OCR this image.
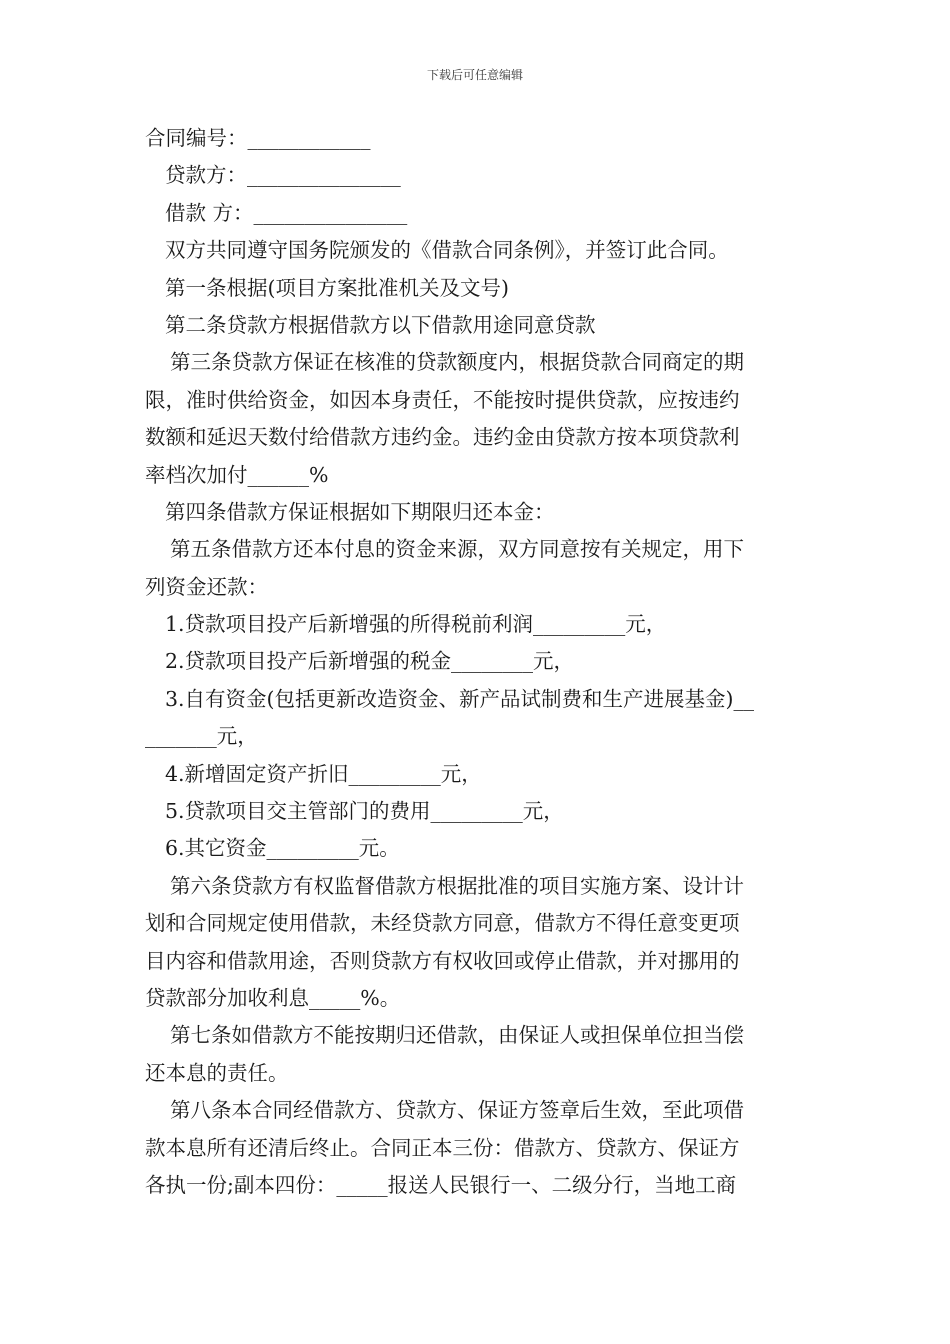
下载后可任意编辑
合同编号：____________
贷款方：_______________
借款 方：_______________
双方共同遵守国务院颁发的《借款合同条例》，并签订此合同。
第一条根据(项目方案批准机关及文号)
第二条贷款方根据借款方以下借款用途同意贷款
第三条贷款方保证在核准的贷款额度内，根据贷款合同商定的期
限，准时供给资金，如因本身责任，不能按时提供贷款，应按违约
数额和延迟天数付给借款方违约金。违约金由贷款方按本项贷款利
率档次加付______%
第四条借款方保证根据如下期限归还本金：
第五条借款方还本付息的资金来源，双方同意按有关规定，用下
列资金还款：
1.贷款项目投产后新增强的所得税前利润_________元，
2.贷款项目投产后新增强的税金________元，
3.自有资金(包括更新改造资金、新产品试制费和生产进展基金)__
_______元，
4.新增固定资产折旧_________元，
5.贷款项目交主管部门的费用_________元，
6.其它资金_________元。
第六条贷款方有权监督借款方根据批准的项目实施方案、设计计
划和合同规定使用借款，未经贷款方同意，借款方不得任意变更项
目内容和借款用途，否则贷款方有权收回或停止借款，并对挪用的
贷款部分加收利息_____%。
第七条如借款方不能按期归还借款，由保证人或担保单位担当偿
还本息的责任。
第八条本合同经借款方、贷款方、保证方签章后生效，至此项借
款本息所有还清后终止。合同正本三份：借款方、贷款方、保证方
各执一份;副本四份：_____报送人民银行一、二级分行，当地工商
